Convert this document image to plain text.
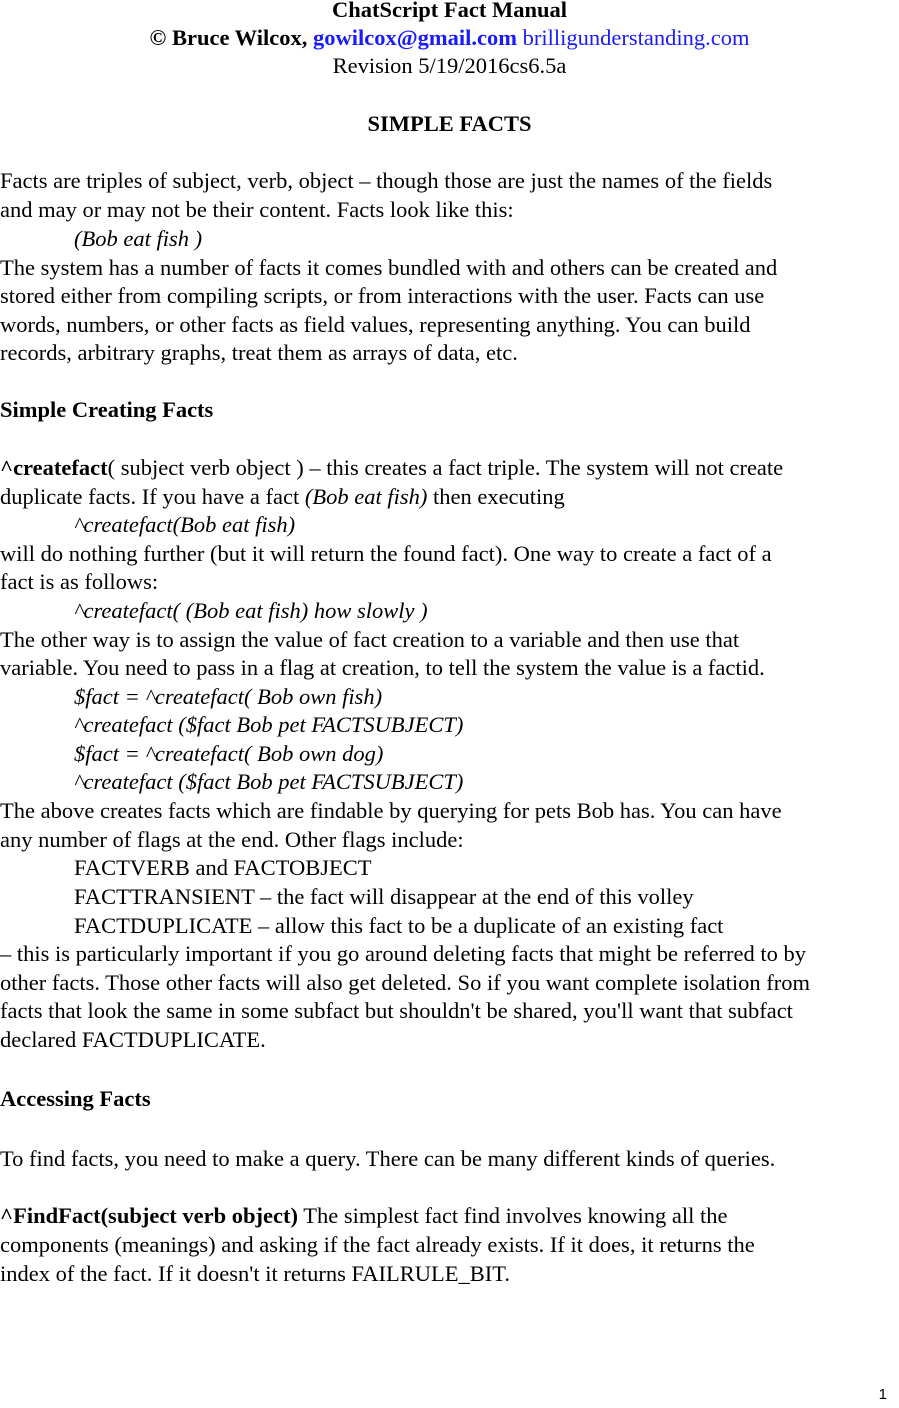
ChatScript Fact Manual
© Bruce Wilcox, gowilcox@gmail.com brilligunderstanding.com
Revision 5/19/2016cs6.5a
SIMPLE FACTS
Facts are triples of subject, verb, object – though those are just the names of the fields
and may or may not be their content. Facts look like this:
(Bob eat fish )
The system has a number of facts it comes bundled with and others can be created and
stored either from compiling scripts, or from interactions with the user. Facts can use
words, numbers, or other facts as field values, representing anything. You can build
records, arbitrary graphs, treat them as arrays of data, etc.
Simple Creating Facts
^createfact( subject verb object ) – this creates a fact triple. The system will not create
duplicate facts. If you have a fact (Bob eat fish) then executing
^createfact(Bob eat fish)
will do nothing further (but it will return the found fact). One way to create a fact of a
fact is as follows:
^createfact( (Bob eat fish) how slowly )
The other way is to assign the value of fact creation to a variable and then use that
variable. You need to pass in a flag at creation, to tell the system the value is a factid.
$fact = ^createfact( Bob own fish)
^createfact ($fact Bob pet FACTSUBJECT)
$fact = ^createfact( Bob own dog)
^createfact ($fact Bob pet FACTSUBJECT)
The above creates facts which are findable by querying for pets Bob has. You can have
any number of flags at the end. Other flags include:
FACTVERB and FACTOBJECT
FACTTRANSIENT – the fact will disappear at the end of this volley
FACTDUPLICATE – allow this fact to be a duplicate of an existing fact
– this is particularly important if you go around deleting facts that might be referred to by
other facts. Those other facts will also get deleted. So if you want complete isolation from
facts that look the same in some subfact but shouldn't be shared, you'll want that subfact
declared FACTDUPLICATE.
Accessing Facts
To find facts, you need to make a query. There can be many different kinds of queries.
^FindFact(subject verb object) The simplest fact find involves knowing all the
components (meanings) and asking if the fact already exists. If it does, it returns the
index of the fact. If it doesn't it returns FAILRULE_BIT.
1
